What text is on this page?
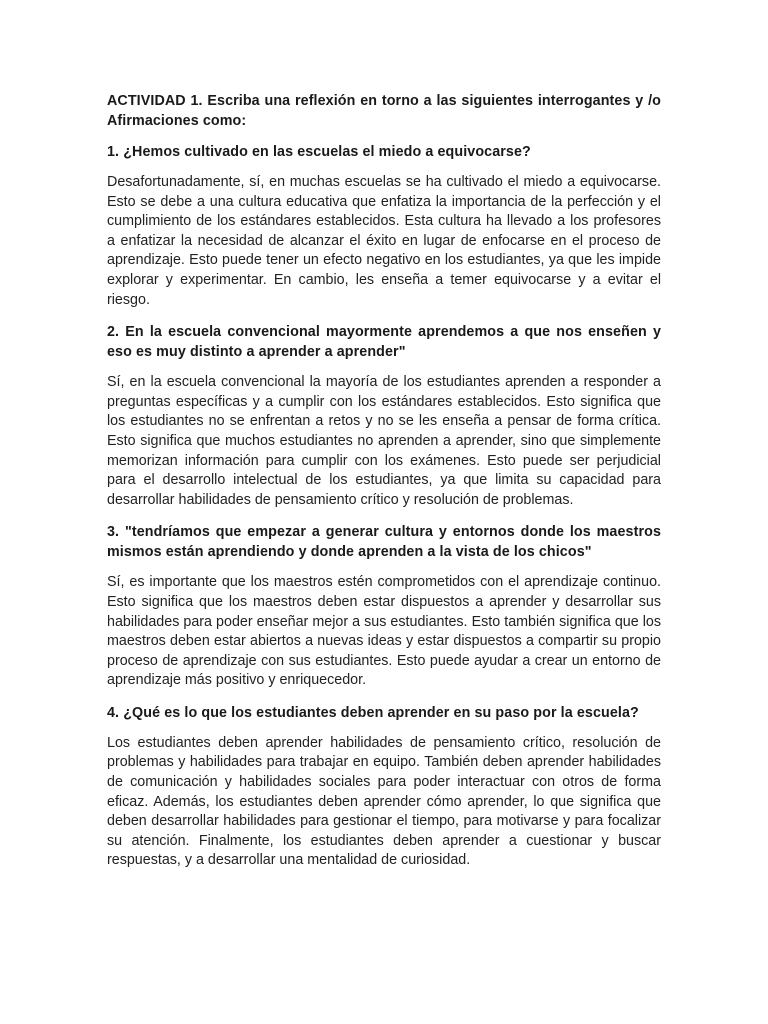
ACTIVIDAD 1. Escriba una reflexión en torno a las siguientes interrogantes y /o Afirmaciones como:

1. ¿Hemos cultivado en las escuelas el miedo a equivocarse?

Desafortunadamente, sí, en muchas escuelas se ha cultivado el miedo a equivocarse. Esto se debe a una cultura educativa que enfatiza la importancia de la perfección y el cumplimiento de los estándares establecidos. Esta cultura ha llevado a los profesores a enfatizar la necesidad de alcanzar el éxito en lugar de enfocarse en el proceso de aprendizaje. Esto puede tener un efecto negativo en los estudiantes, ya que les impide explorar y experimentar. En cambio, les enseña a temer equivocarse y a evitar el riesgo.

2. En la escuela convencional mayormente aprendemos a que nos enseñen y eso es muy distinto a aprender a aprender"

Sí, en la escuela convencional la mayoría de los estudiantes aprenden a responder a preguntas específicas y a cumplir con los estándares establecidos. Esto significa que los estudiantes no se enfrentan a retos y no se les enseña a pensar de forma crítica. Esto significa que muchos estudiantes no aprenden a aprender, sino que simplemente memorizan información para cumplir con los exámenes. Esto puede ser perjudicial para el desarrollo intelectual de los estudiantes, ya que limita su capacidad para desarrollar habilidades de pensamiento crítico y resolución de problemas.

3. "tendríamos que empezar a generar cultura y entornos donde los maestros mismos están aprendiendo y donde aprenden a la vista de los chicos"

Sí, es importante que los maestros estén comprometidos con el aprendizaje continuo. Esto significa que los maestros deben estar dispuestos a aprender y desarrollar sus habilidades para poder enseñar mejor a sus estudiantes. Esto también significa que los maestros deben estar abiertos a nuevas ideas y estar dispuestos a compartir su propio proceso de aprendizaje con sus estudiantes. Esto puede ayudar a crear un entorno de aprendizaje más positivo y enriquecedor.

4. ¿Qué es lo que los estudiantes deben aprender en su paso por la escuela?

Los estudiantes deben aprender habilidades de pensamiento crítico, resolución de problemas y habilidades para trabajar en equipo. También deben aprender habilidades de comunicación y habilidades sociales para poder interactuar con otros de forma eficaz. Además, los estudiantes deben aprender cómo aprender, lo que significa que deben desarrollar habilidades para gestionar el tiempo, para motivarse y para focalizar su atención. Finalmente, los estudiantes deben aprender a cuestionar y buscar respuestas, y a desarrollar una mentalidad de curiosidad.
